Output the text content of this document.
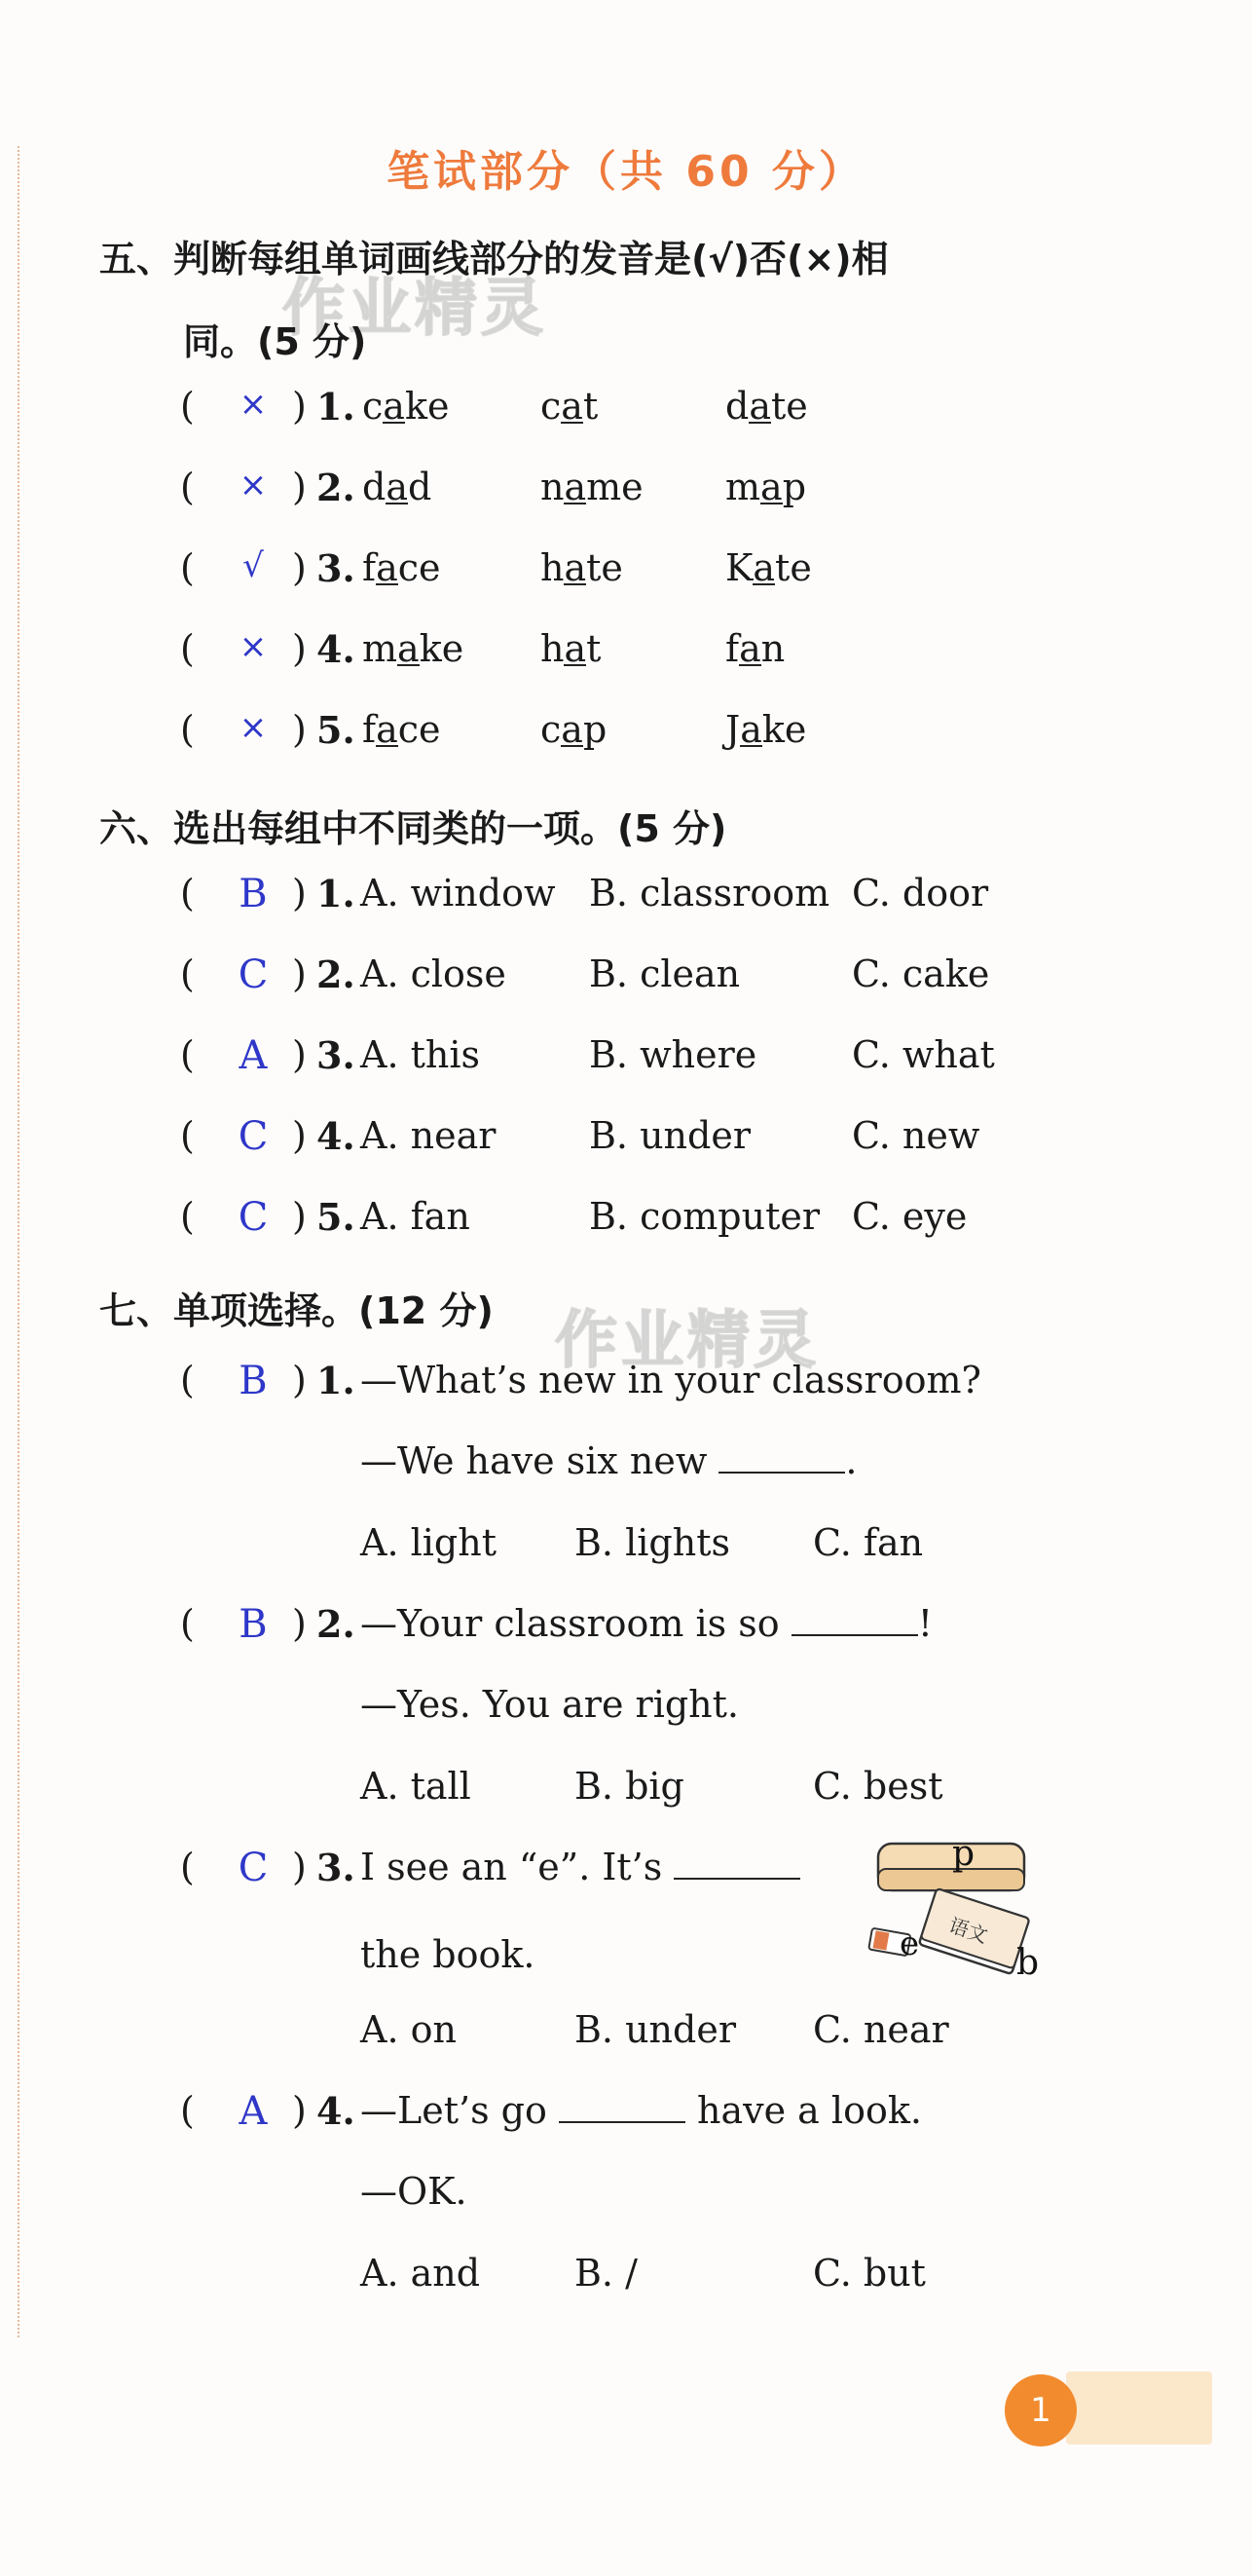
作业精灵
作业精灵
笔试部分（共 60 分）
五、判断每组单词画线部分的发音是(√)否(×)相
同。(5 分)
(	× ) 1. cake cat	date
(	× ) 2. dad	name map
(	√ ) 3. face	hate	Kate
(	× ) 4. make hat	fan
(	× ) 5. face	cap	Jake
六、选出每组中不同类的一项。(5 分)
(	B ) 1. A. window B. classroom C. door
(	C ) 2. A. close B. clean	C. cake
(	A ) 3. A. this	B. where	C. what
(	C ) 4. A. near	B. under	C. new
(	C ) 5. A. fan	B. computer C. eye
七、单项选择。(12 分)
(	B ) 1. —What’s new in your classroom?
—We have six new	.
A. light B. lights C. fan
(	B ) 2. —Your classroom is so	!
—Yes. You are right.
A. tall	B. big	C. best
(	C ) 3. I see an “e”. It’s
the book.
p
语文
e	b
A. on	B. under C. near
(	A ) 4. —Let’s go	have a look.
—OK.
A. and	B. /	C. but
1
